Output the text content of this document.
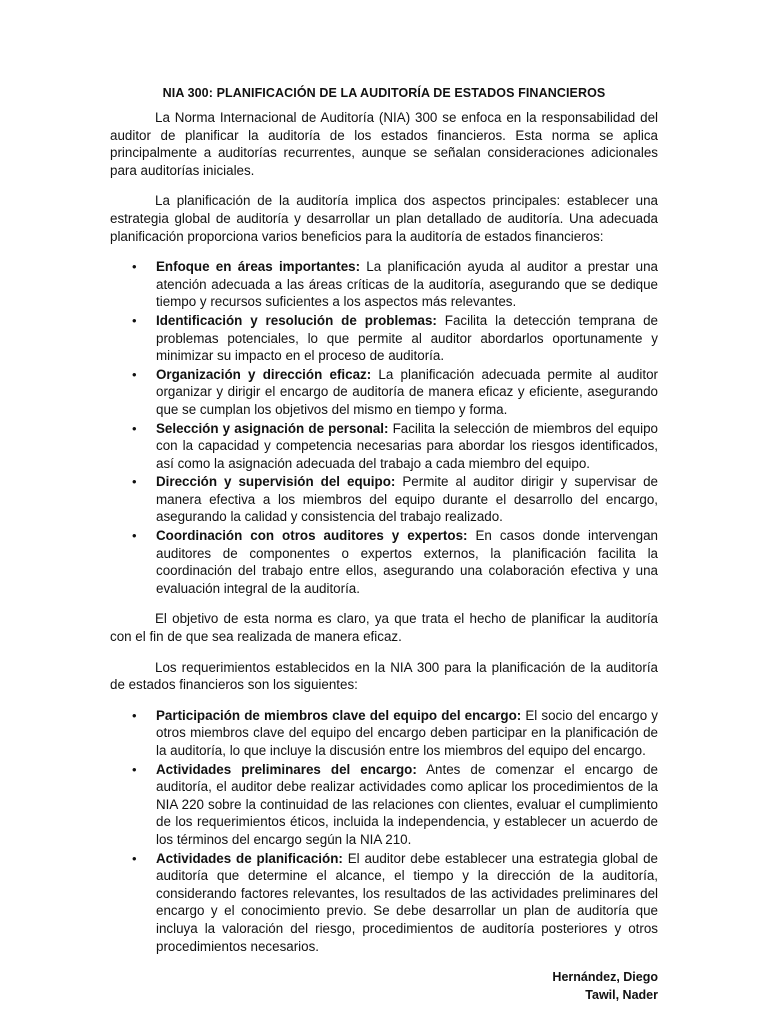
NIA 300: PLANIFICACIÓN DE LA AUDITORÍA DE ESTADOS FINANCIEROS

La Norma Internacional de Auditoría (NIA) 300 se enfoca en la responsabilidad del auditor de planificar la auditoría de los estados financieros. Esta norma se aplica principalmente a auditorías recurrentes, aunque se señalan consideraciones adicionales para auditorías iniciales.

La planificación de la auditoría implica dos aspectos principales: establecer una estrategia global de auditoría y desarrollar un plan detallado de auditoría. Una adecuada planificación proporciona varios beneficios para la auditoría de estados financieros:

• Enfoque en áreas importantes: La planificación ayuda al auditor a prestar una atención adecuada a las áreas críticas de la auditoría, asegurando que se dedique tiempo y recursos suficientes a los aspectos más relevantes.
• Identificación y resolución de problemas: Facilita la detección temprana de problemas potenciales, lo que permite al auditor abordarlos oportunamente y minimizar su impacto en el proceso de auditoría.
• Organización y dirección eficaz: La planificación adecuada permite al auditor organizar y dirigir el encargo de auditoría de manera eficaz y eficiente, asegurando que se cumplan los objetivos del mismo en tiempo y forma.
• Selección y asignación de personal: Facilita la selección de miembros del equipo con la capacidad y competencia necesarias para abordar los riesgos identificados, así como la asignación adecuada del trabajo a cada miembro del equipo.
• Dirección y supervisión del equipo: Permite al auditor dirigir y supervisar de manera efectiva a los miembros del equipo durante el desarrollo del encargo, asegurando la calidad y consistencia del trabajo realizado.
• Coordinación con otros auditores y expertos: En casos donde intervengan auditores de componentes o expertos externos, la planificación facilita la coordinación del trabajo entre ellos, asegurando una colaboración efectiva y una evaluación integral de la auditoría.

El objetivo de esta norma es claro, ya que trata el hecho de planificar la auditoría con el fin de que sea realizada de manera eficaz.

Los requerimientos establecidos en la NIA 300 para la planificación de la auditoría de estados financieros son los siguientes:

• Participación de miembros clave del equipo del encargo: El socio del encargo y otros miembros clave del equipo del encargo deben participar en la planificación de la auditoría, lo que incluye la discusión entre los miembros del equipo del encargo.
• Actividades preliminares del encargo: Antes de comenzar el encargo de auditoría, el auditor debe realizar actividades como aplicar los procedimientos de la NIA 220 sobre la continuidad de las relaciones con clientes, evaluar el cumplimiento de los requerimientos éticos, incluida la independencia, y establecer un acuerdo de los términos del encargo según la NIA 210.
• Actividades de planificación: El auditor debe establecer una estrategia global de auditoría que determine el alcance, el tiempo y la dirección de la auditoría, considerando factores relevantes, los resultados de las actividades preliminares del encargo y el conocimiento previo. Se debe desarrollar un plan de auditoría que incluya la valoración del riesgo, procedimientos de auditoría posteriores y otros procedimientos necesarios.
Hernández, Diego
Tawil, Nader
